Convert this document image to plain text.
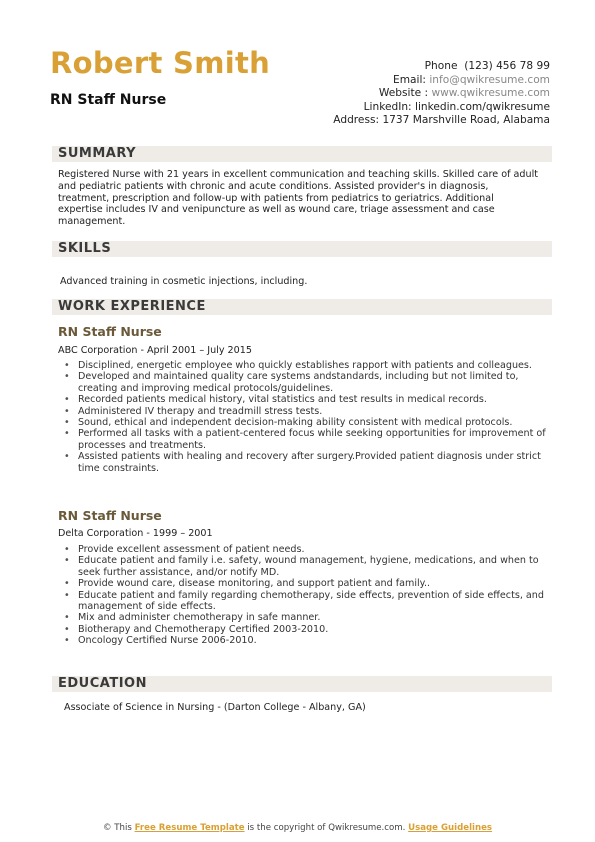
Robert Smith
RN Staff Nurse
Phone (123) 456 78 99
Email: info@qwikresume.com
Website : www.qwikresume.com
LinkedIn: linkedin.com/qwikresume
Address: 1737 Marshville Road, Alabama
SUMMARY
Registered Nurse with 21 years in excellent communication and teaching skills. Skilled care of adult and pediatric patients with chronic and acute conditions. Assisted provider's in diagnosis, treatment, prescription and follow-up with patients from pediatrics to geriatrics. Additional expertise includes IV and venipuncture as well as wound care, triage assessment and case management.
SKILLS
Advanced training in cosmetic injections, including.
WORK EXPERIENCE
RN Staff Nurse
ABC Corporation - April 2001 – July 2015
• Disciplined, energetic employee who quickly establishes rapport with patients and colleagues.
• Developed and maintained quality care systems andstandards, including but not limited to, creating and improving medical protocols/guidelines.
• Recorded patients medical history, vital statistics and test results in medical records.
• Administered IV therapy and treadmill stress tests.
• Sound, ethical and independent decision-making ability consistent with medical protocols.
• Performed all tasks with a patient-centered focus while seeking opportunities for improvement of processes and treatments.
• Assisted patients with healing and recovery after surgery.Provided patient diagnosis under strict time constraints.
RN Staff Nurse
Delta Corporation - 1999 – 2001
• Provide excellent assessment of patient needs.
• Educate patient and family i.e. safety, wound management, hygiene, medications, and when to seek further assistance, and/or notify MD.
• Provide wound care, disease monitoring, and support patient and family..
• Educate patient and family regarding chemotherapy, side effects, prevention of side effects, and management of side effects.
• Mix and administer chemotherapy in safe manner.
• Biotherapy and Chemotherapy Certified 2003-2010.
• Oncology Certified Nurse 2006-2010.
EDUCATION
Associate of Science in Nursing - (Darton College - Albany, GA)
© This Free Resume Template is the copyright of Qwikresume.com. Usage Guidelines
